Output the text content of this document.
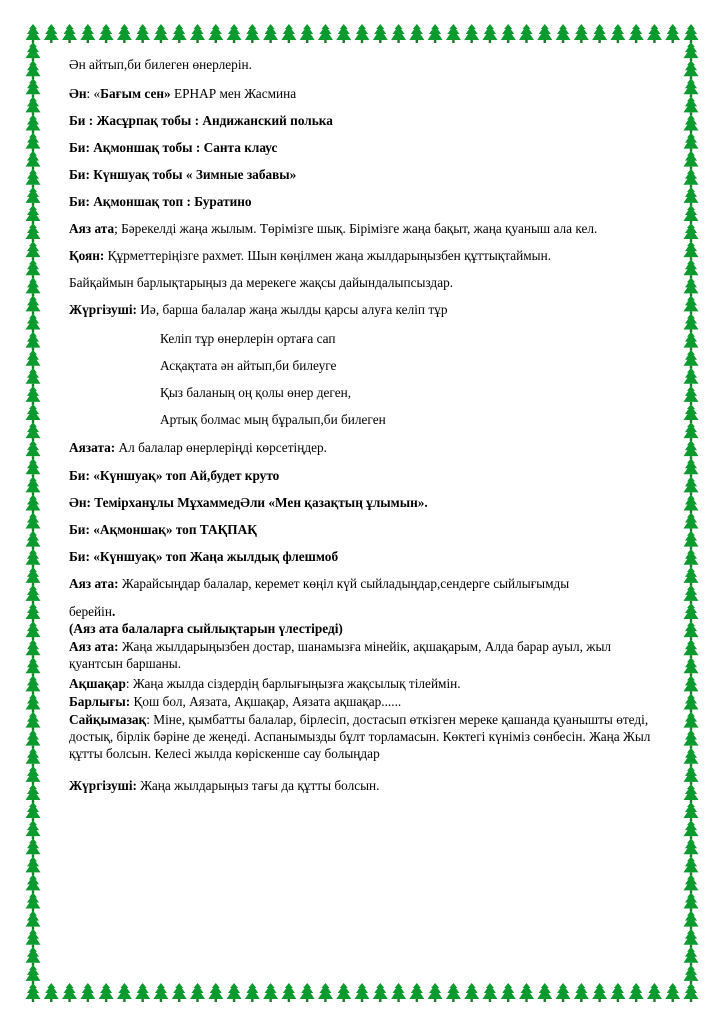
Ән айтып,би билеген өнерлерін.
Ән: «Бағым сен» ЕРНАР мен Жасмина
Би : Жасұрпақ тобы : Андижанский полька
Би: Ақмоншақ тобы : Санта клаус
Би: Күншуақ тобы « Зимные забавы»
Би: Ақмоншақ топ : Буратино
Аяз ата; Бәрекелді жаңа жылым. Төрімізге шық. Бірімізге жаңа бақыт, жаңа қуаныш ала кел.
Қоян: Құрметтеріңізге рахмет. Шын көңілмен жаңа жылдарыңызбен құттықтаймын.
Байқаймын барлықтарыңыз да мерекеге жақсы дайындалыпсыздар.
Жүргізуші: Иә, барша балалар жаңа жылды қарсы алуға келіп тұр
Келіп тұр өнерлерін ортаға сап
Асқақтата ән айтып,би билеуге
Қыз баланың оң қолы өнер деген,
Артық болмас мың бұралып,би билеген
Аязата: Ал балалар өнерлеріңді көрсетіңдер.
Би: «Күншуақ» топ Ай,будет круто
Ән: Теміpханұлы МұхаммедӘли «Мен қазақтың ұлымын».
Би: «Ақмоншақ» топ ТАҚПАҚ
Би: «Күншуақ» топ Жаңа жылдық флешмоб
Аяз ата: Жарайсыңдар балалар, керемет көңіл күй сыйладыңдар,сендерге сыйлығымды
берейін.
(Аяз ата балаларға сыйлықтарын үлестіреді)
Аяз ата: Жаңа жылдарыңызбен достар, шанамызға мінейік, ақшақарым, Алда барар ауыл, жыл қуантсын баршаны.
Ақшақар: Жаңа жылда сіздердің барлығыңызға жақсылық тілеймін.
Барлығы: Қош бол, Аязата, Ақшақар, Аязата ақшақар......
Сайқымазақ: Міне, қымбатты балалар, бірлесіп, достасып өткізген мереке қашанда қуанышты өтеді, достық, бірлік бәріне де жеңеді. Аспанымызды бұлт торламасын. Көктегі күніміз сөнбесін. Жаңа Жыл құтты болсын. Келесі жылда көріскенше сау болыңдар
Жүргізуші: Жаңа жылдарыңыз тағы да құтты болсын.
